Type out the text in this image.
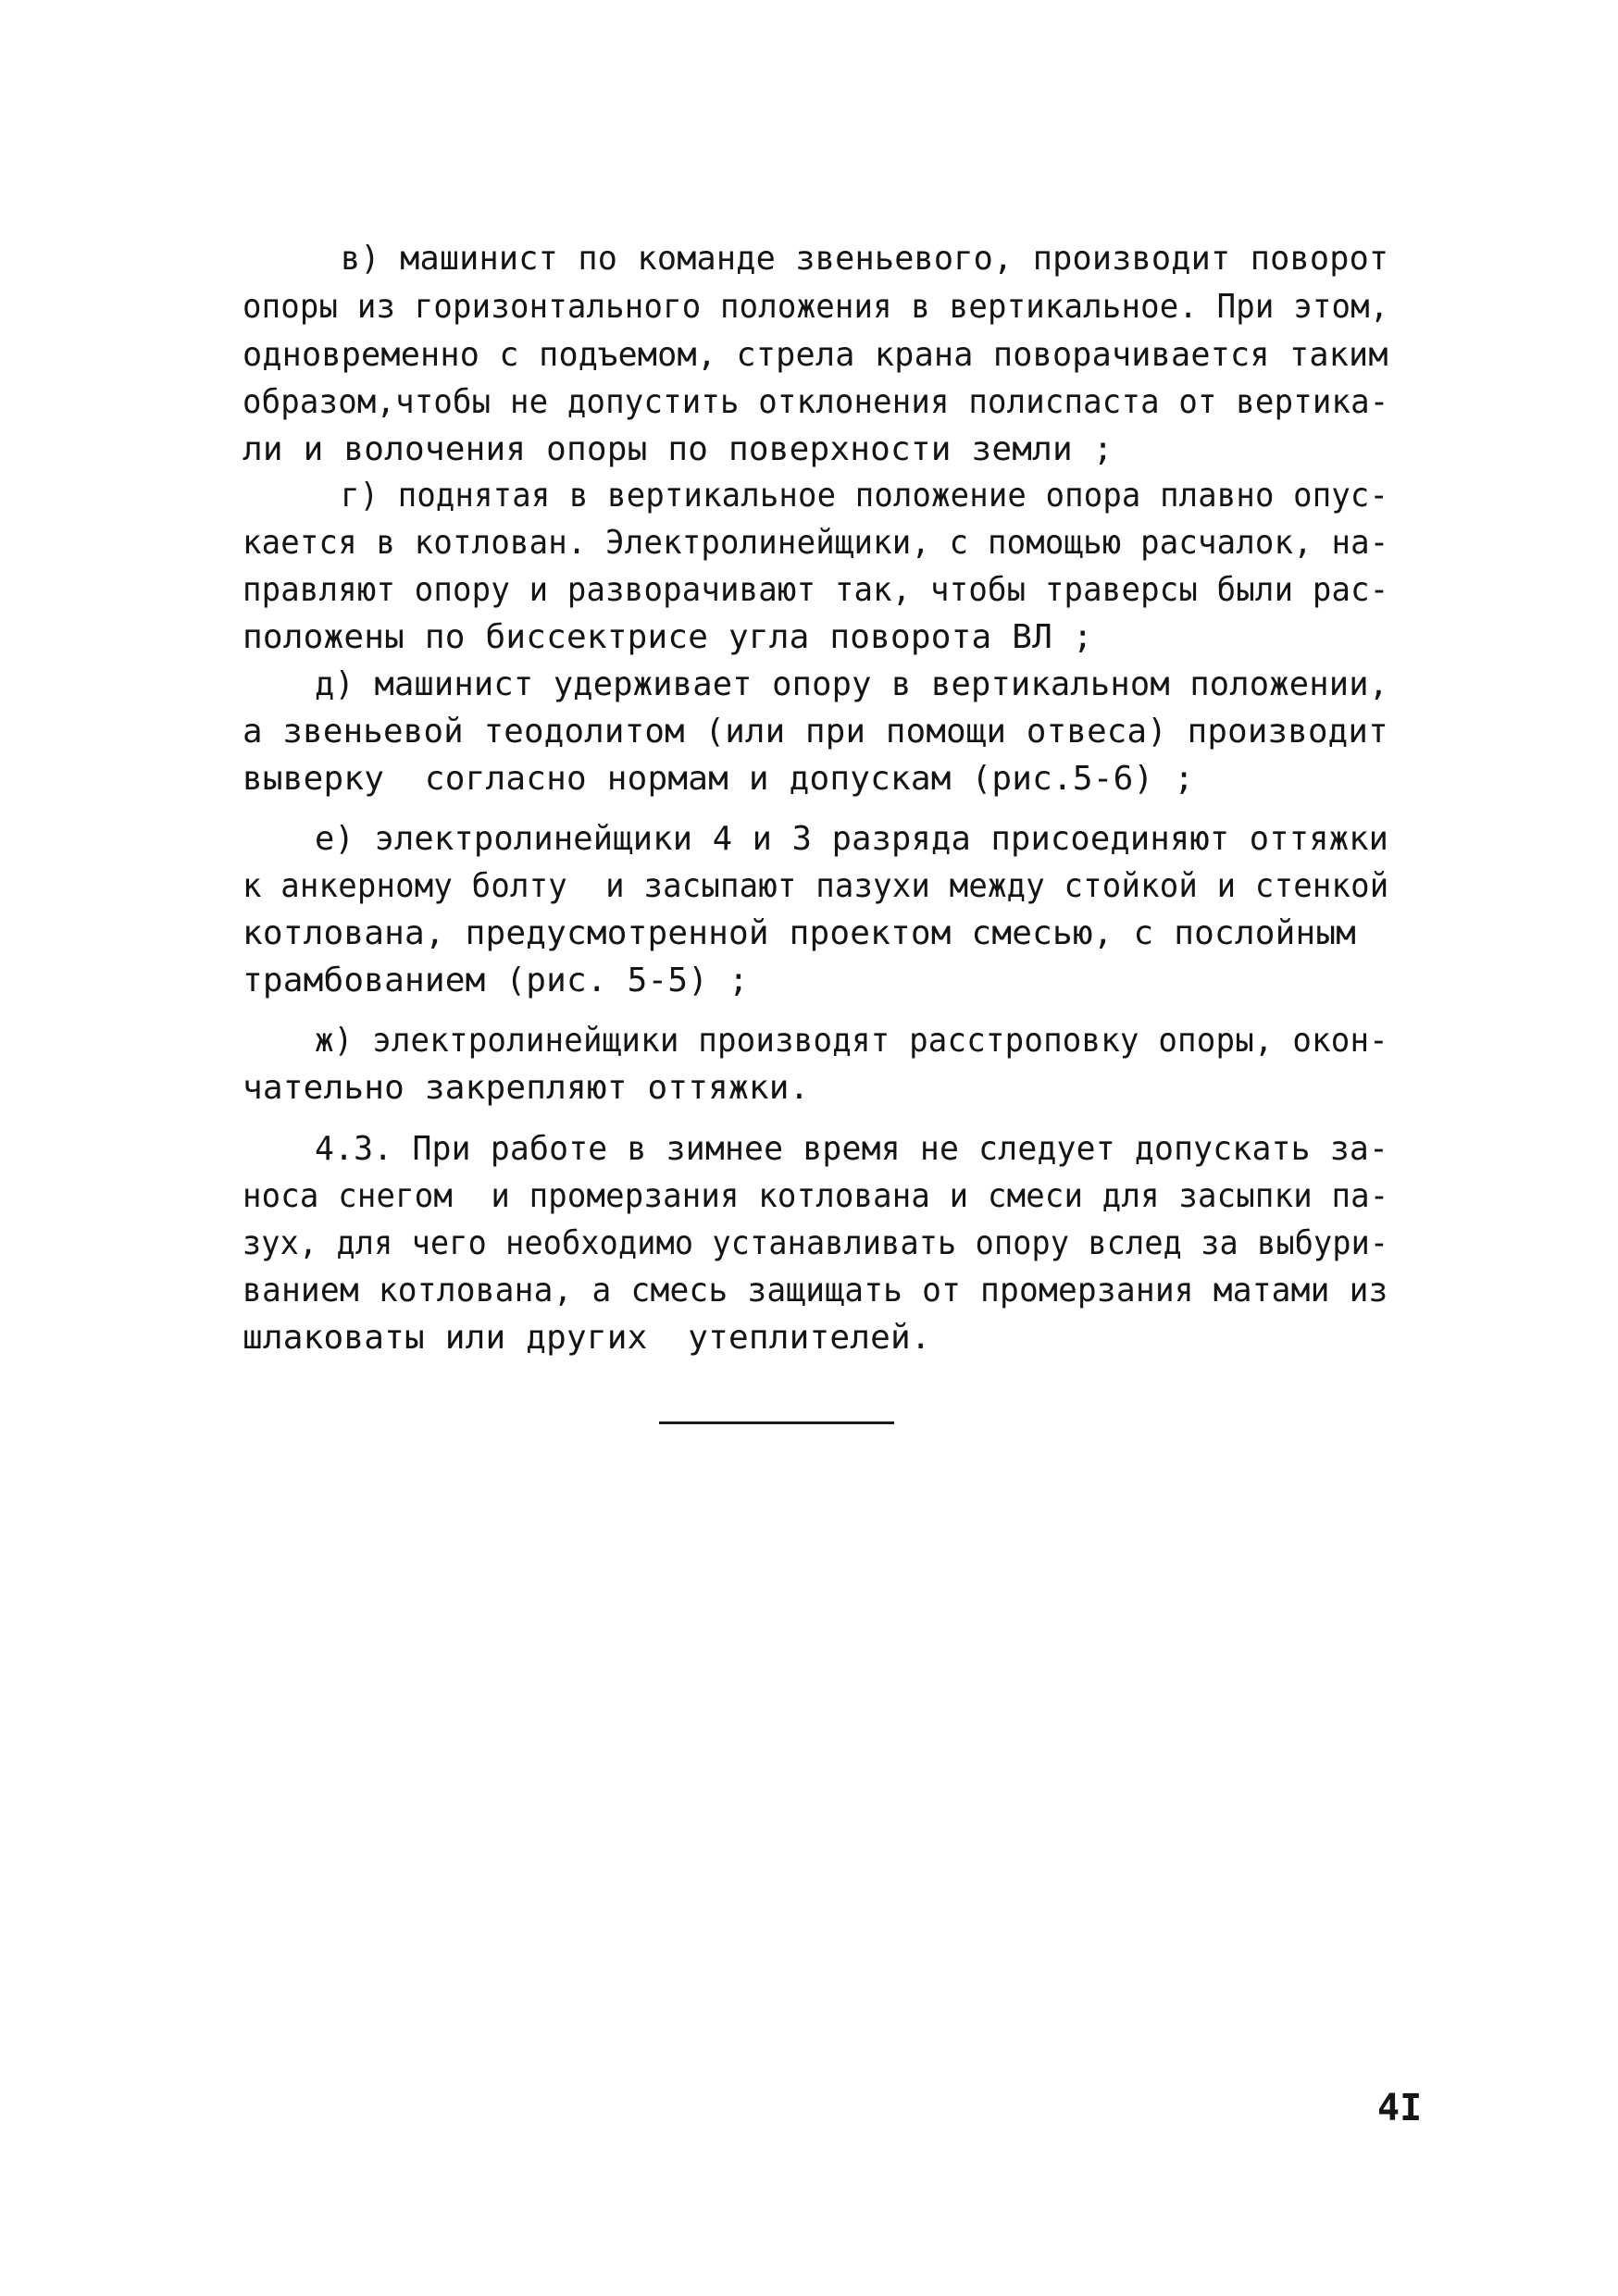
в) машинист по команде звеньевого, производит поворот
опоры из горизонтального положения в вертикальное. При этом,
одновременно с подъемом, стрела крана поворачивается таким
образом,чтобы не допустить отклонения полиспаста от вертика-
ли и волочения опоры по поверхности земли ;
г) поднятая в вертикальное положение опора плавно опус-
кается в котлован. Электролинейщики, с помощью расчалок, на-
правляют опору и разворачивают так, чтобы траверсы были рас-
положены по биссектрисе угла поворота ВЛ ;
д) машинист удерживает опору в вертикальном положении,
а звеньевой теодолитом (или при помощи отвеса) производит
выверку  согласно нормам и допускам (рис.5-6) ;
е) электролинейщики 4 и 3 разряда присоединяют оттяжки
к анкерному болту  и засыпают пазухи между стойкой и стенкой
котлована, предусмотренной проектом смесью, с послойным
трамбованием (рис. 5-5) ;
ж) электролинейщики производят расстроповку опоры, окон-
чательно закрепляют оттяжки.
4.3. При работе в зимнее время не следует допускать за-
носа снегом  и промерзания котлована и смеси для засыпки па-
зух, для чего необходимо устанавливать опору вслед за выбури-
ванием котлована, а смесь защищать от промерзания матами из
шлаковаты или других  утеплителей.
4I
